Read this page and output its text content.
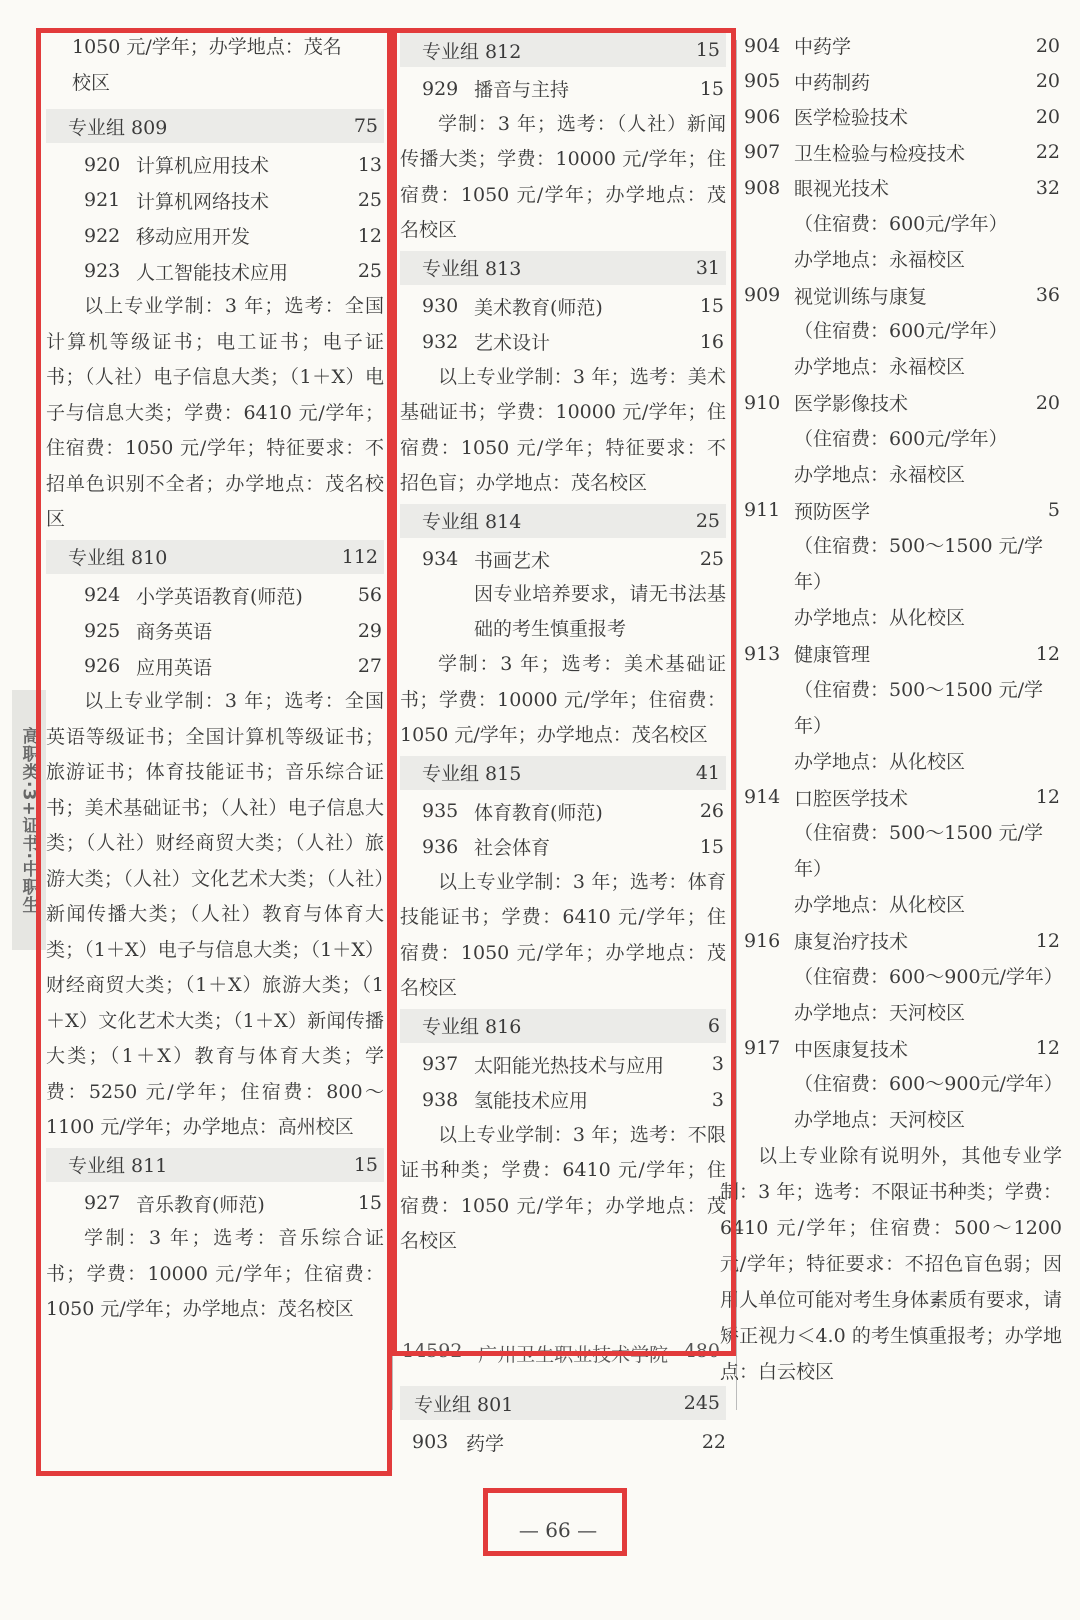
高职类·3+证书·中职生
1050 元/学年；办学地点：茂名
校区
专业组 809	75
920 计算机应用技术	13
921 计算机网络技术	25
922 移动应用开发	12
923 人工智能技术应用	25
以上专业学制：3 年；选考：全国计算机等级证书；电工证书；电子证书；（人社）电子信息大类；（1＋X）电子与信息大类；学费：6410 元/学年；住宿费：1050 元/学年；特征要求：不招单色识别不全者；办学地点：茂名校区
专业组 810	112
924 小学英语教育(师范)	56
925 商务英语	29
926 应用英语	27
以上专业学制：3 年；选考：全国英语等级证书；全国计算机等级证书；旅游证书；体育技能证书；音乐综合证书；美术基础证书；（人社）电子信息大类；（人社）财经商贸大类；（人社）旅游大类；（人社）文化艺术大类；（人社）新闻传播大类；（人社）教育与体育大类；（1＋X）电子与信息大类；（1＋X）财经商贸大类；（1＋X）旅游大类；（1＋X）文化艺术大类；（1＋X）新闻传播大类；（1＋X）教育与体育大类；学费：5250 元/学年；住宿费：800～1100 元/学年；办学地点：高州校区
专业组 811	15
927 音乐教育(师范)	15
学制：3 年；选考：音乐综合证书；学费：10000 元/学年；住宿费：1050 元/学年；办学地点：茂名校区
专业组 812	15
929 播音与主持	15
学制：3 年；选考：（人社）新闻传播大类；学费：10000 元/学年；住宿费：1050 元/学年；办学地点：茂名校区
专业组 813	31
930 美术教育(师范)	15
932 艺术设计	16
以上专业学制：3 年；选考：美术基础证书；学费：10000 元/学年；住宿费：1050 元/学年；特征要求：不招色盲；办学地点：茂名校区
专业组 814	25
934 书画艺术	25
因专业培养要求，请无书法基础的考生慎重报考
学制：3 年；选考：美术基础证书；学费：10000 元/学年；住宿费：1050 元/学年；办学地点：茂名校区
专业组 815	41
935 体育教育(师范)	26
936 社会体育	15
以上专业学制：3 年；选考：体育技能证书；学费：6410 元/学年；住宿费：1050 元/学年；办学地点：茂名校区
专业组 816	6
937 太阳能光热技术与应用	3
938 氢能技术应用	3
以上专业学制：3 年；选考：不限证书种类；学费：6410 元/学年；住宿费：1050 元/学年；办学地点：茂名校区
14592 广州卫生职业技术学院 480
专业组 801	245
903 药学	22
904 中药学	20
905 中药制药	20
906 医学检验技术	20
907 卫生检验与检疫技术	22
908 眼视光技术	32
（住宿费：600元/学年）
办学地点：永福校区
909 视觉训练与康复	36
（住宿费：600元/学年）
办学地点：永福校区
910 医学影像技术	20
（住宿费：600元/学年）
办学地点：永福校区
911 预防医学	5
（住宿费：500～1500 元/学
年）
办学地点：从化校区
913 健康管理	12
（住宿费：500～1500 元/学
年）
办学地点：从化校区
914 口腔医学技术	12
（住宿费：500～1500 元/学
年）
办学地点：从化校区
916 康复治疗技术	12
（住宿费：600～900元/学年）
办学地点：天河校区
917 中医康复技术	12
（住宿费：600～900元/学年）
办学地点：天河校区
以上专业除有说明外，其他专业学制：3 年；选考：不限证书种类；学费：6410 元/学年；住宿费：500～1200 元/学年；特征要求：不招色盲色弱；因用人单位可能对考生身体素质有要求，请矫正视力＜4.0 的考生慎重报考；办学地点：白云校区
— 66 —
